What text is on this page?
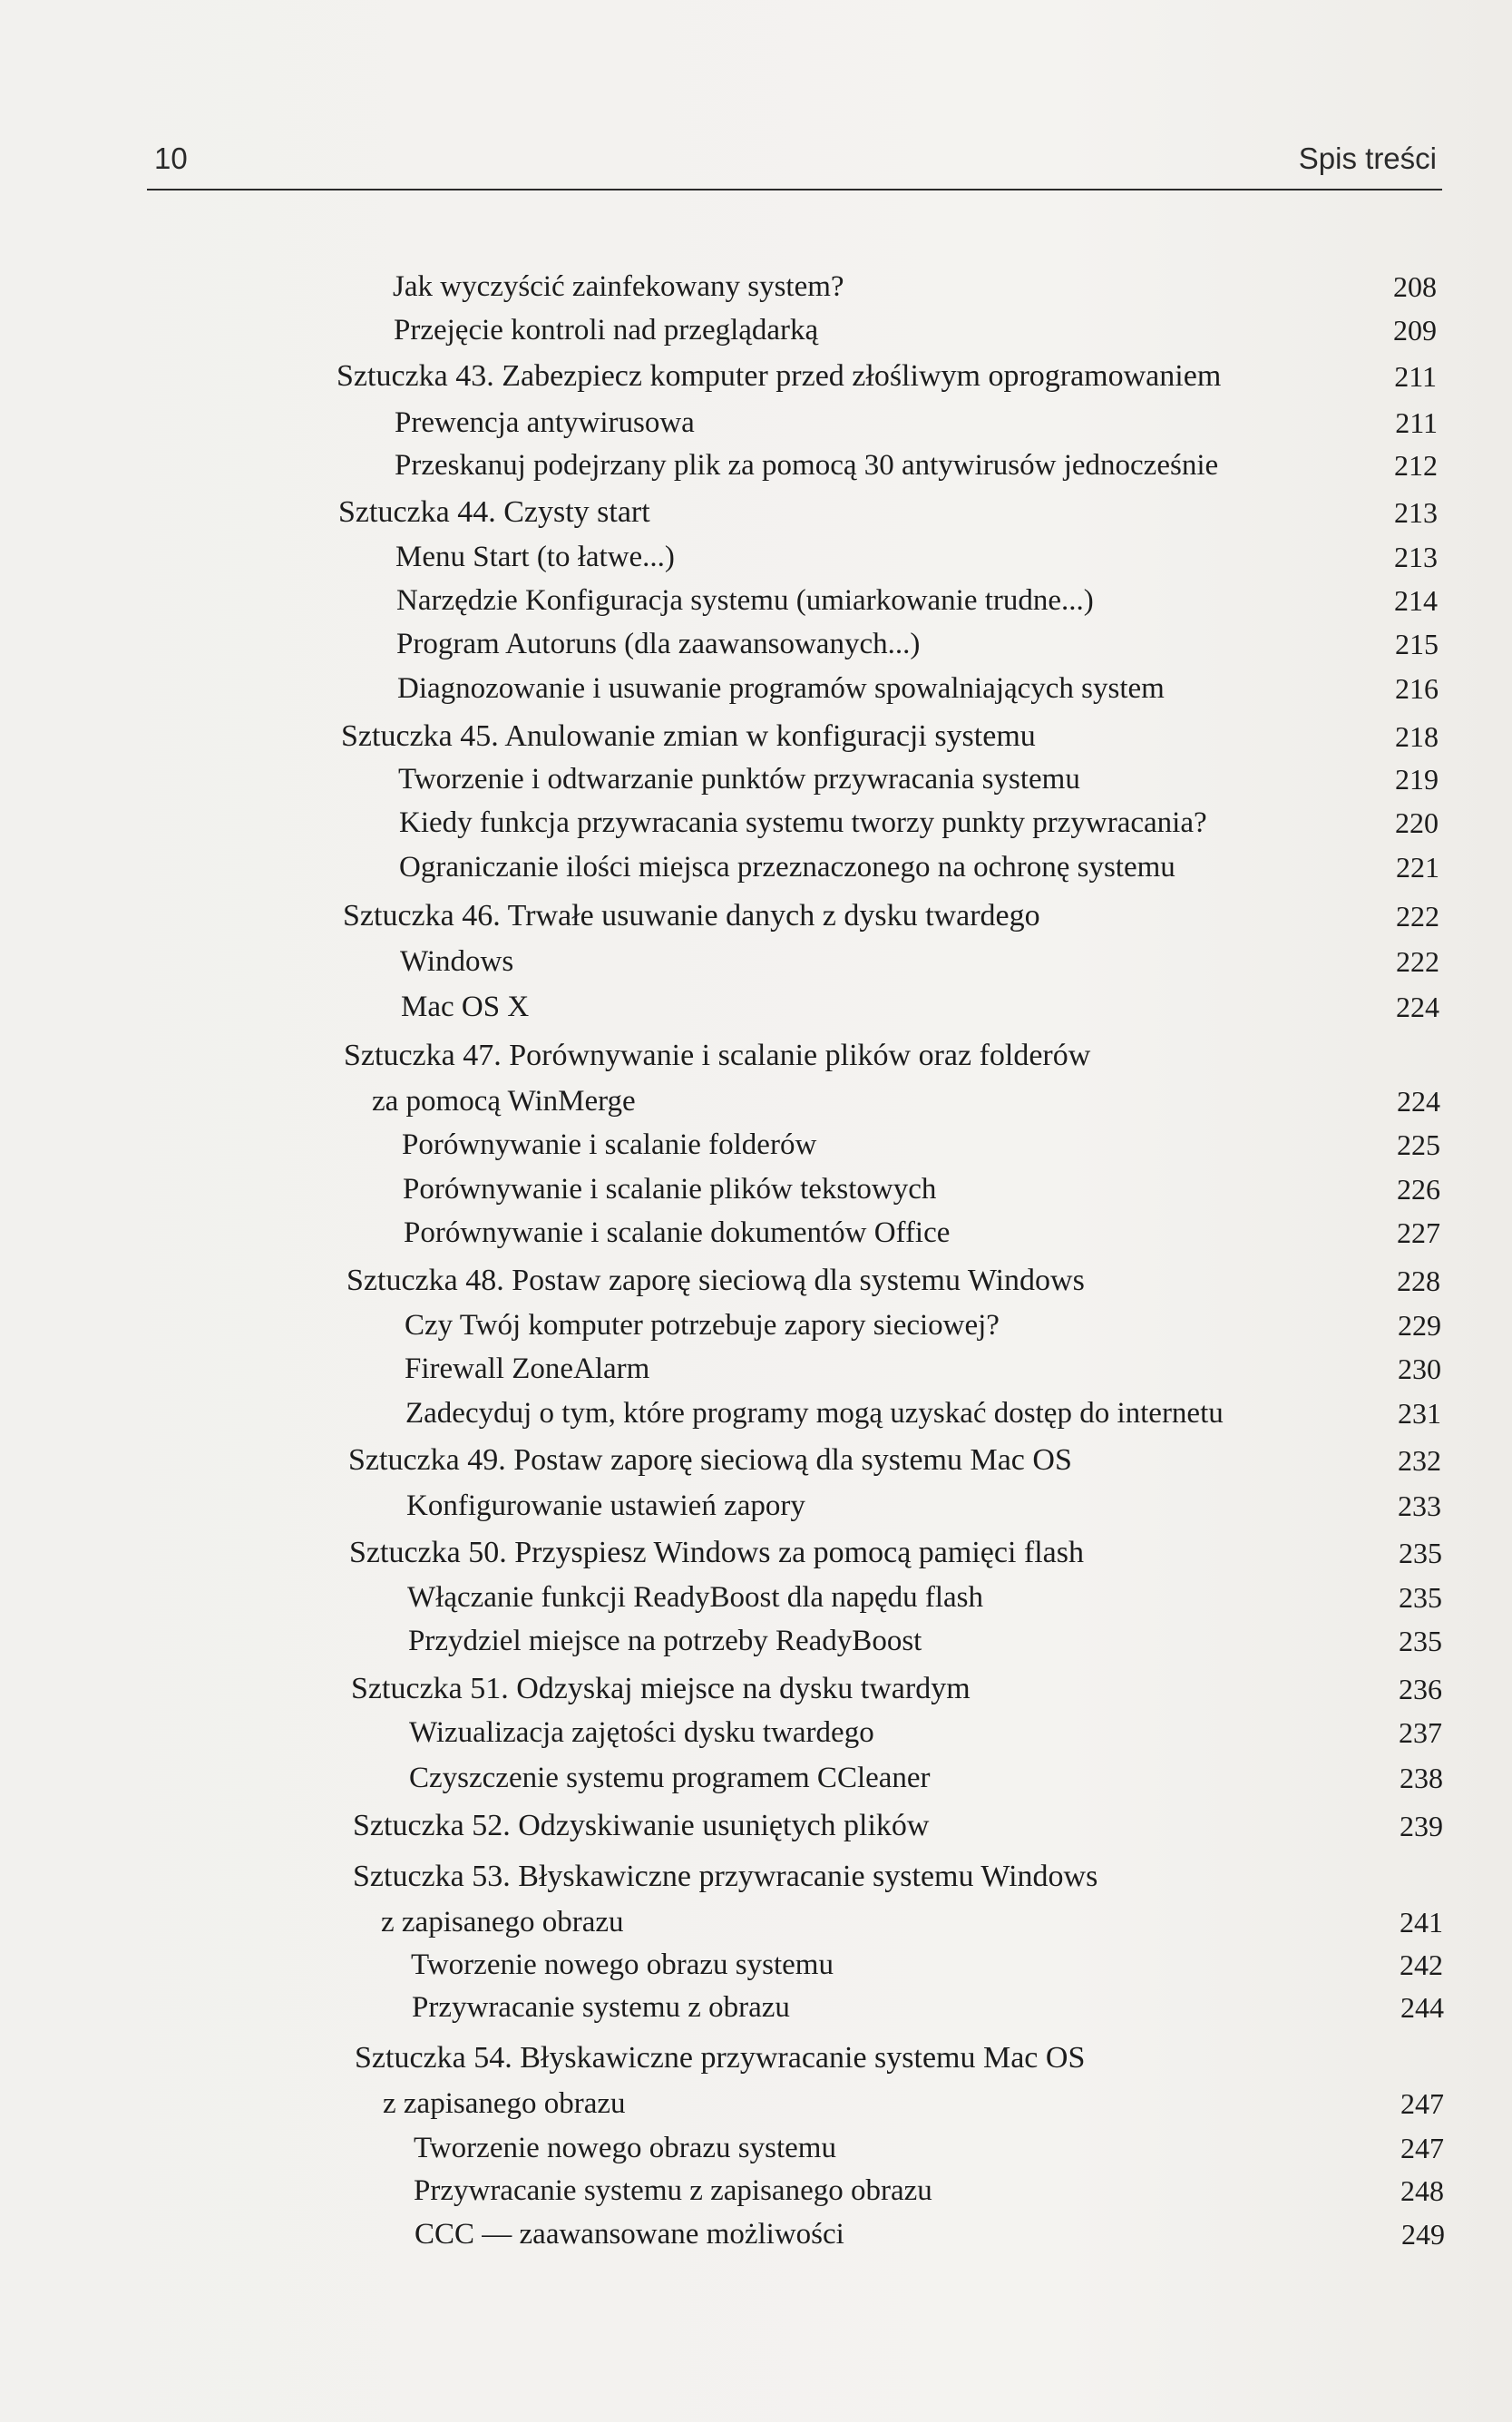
10	Spis treści
Jak wyczyścić zainfekowany system?	208
Przejęcie kontroli nad przeglądarką	209
Sztuczka 43. Zabezpiecz komputer przed złośliwym oprogramowaniem	211
Prewencja antywirusowa	211
Przeskanuj podejrzany plik za pomocą 30 antywirusów jednocześnie	212
Sztuczka 44. Czysty start	213
Menu Start (to łatwe...)	213
Narzędzie Konfiguracja systemu (umiarkowanie trudne...)	214
Program Autoruns (dla zaawansowanych...)	215
Diagnozowanie i usuwanie programów spowalniających system	216
Sztuczka 45. Anulowanie zmian w konfiguracji systemu	218
Tworzenie i odtwarzanie punktów przywracania systemu	219
Kiedy funkcja przywracania systemu tworzy punkty przywracania?	220
Ograniczanie ilości miejsca przeznaczonego na ochronę systemu	221
Sztuczka 46. Trwałe usuwanie danych z dysku twardego	222
Windows	222
Mac OS X	224
Sztuczka 47. Porównywanie i scalanie plików oraz folderów
za pomocą WinMerge	224
Porównywanie i scalanie folderów	225
Porównywanie i scalanie plików tekstowych	226
Porównywanie i scalanie dokumentów Office	227
Sztuczka 48. Postaw zaporę sieciową dla systemu Windows	228
Czy Twój komputer potrzebuje zapory sieciowej?	229
Firewall ZoneAlarm	230
Zadecyduj o tym, które programy mogą uzyskać dostęp do internetu	231
Sztuczka 49. Postaw zaporę sieciową dla systemu Mac OS	232
Konfigurowanie ustawień zapory	233
Sztuczka 50. Przyspiesz Windows za pomocą pamięci flash	235
Włączanie funkcji ReadyBoost dla napędu flash	235
Przydziel miejsce na potrzeby ReadyBoost	235
Sztuczka 51. Odzyskaj miejsce na dysku twardym	236
Wizualizacja zajętości dysku twardego	237
Czyszczenie systemu programem CCleaner	238
Sztuczka 52. Odzyskiwanie usuniętych plików	239
Sztuczka 53. Błyskawiczne przywracanie systemu Windows
z zapisanego obrazu	241
Tworzenie nowego obrazu systemu	242
Przywracanie systemu z obrazu	244
Sztuczka 54. Błyskawiczne przywracanie systemu Mac OS
z zapisanego obrazu	247
Tworzenie nowego obrazu systemu	247
Przywracanie systemu z zapisanego obrazu	248
CCC — zaawansowane możliwości	249
